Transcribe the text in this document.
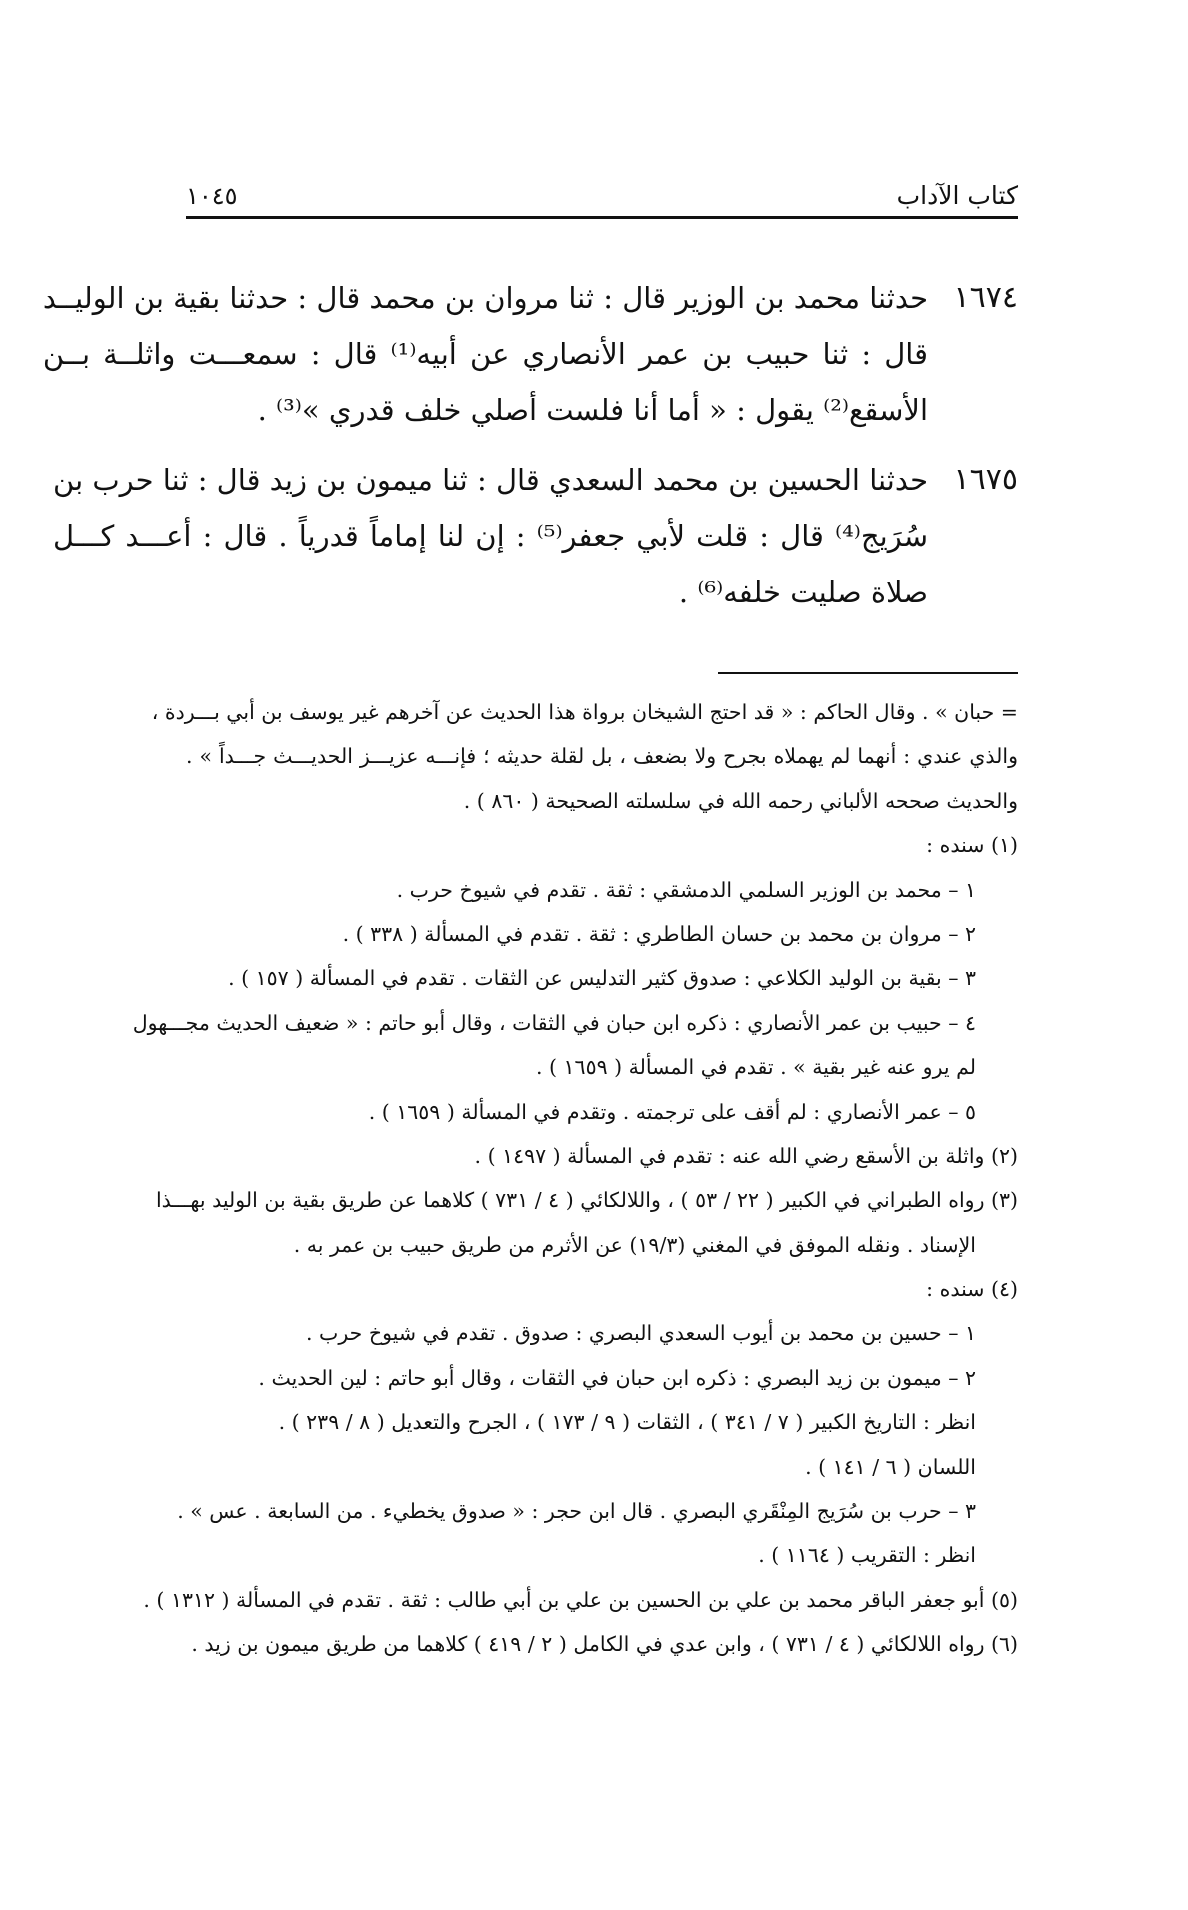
كتاب الآداب
١٠٤٥
١٦٧٤
حدثنا محمد بن الوزير قال : ثنا مروان بن محمد قال : حدثنا بقية بن الوليــد
قال : ثنا حبيب بن عمر الأنصاري عن أبيه⁽¹⁾ قال : سمعـــت واثلــة بــن
الأسقع⁽²⁾ يقول : « أما أنا فلست أصلي خلف قدري »⁽³⁾ .
١٦٧٥
حدثنا الحسين بن محمد السعدي قال : ثنا ميمون بن زيد قال : ثنا حرب بن
سُرَيج⁽⁴⁾ قال : قلت لأبي جعفر⁽⁵⁾ : إن لنا إماماً قدرياً . قال : أعـــد كـــل
صلاة صليت خلفه⁽⁶⁾ .
= حبان » . وقال الحاكم : « قد احتج الشيخان برواة هذا الحديث عن آخرهم غير يوسف بن أبي بـــردة ،
والذي عندي : أنهما لم يهملاه بجرح ولا بضعف ، بل لقلة حديثه ؛ فإنـــه عزيـــز الحديـــث جـــداً » .
والحديث صححه الألباني رحمه الله في سلسلته الصحيحة ( ٨٦٠ ) .
(١) سنده :
١ – محمد بن الوزير السلمي الدمشقي : ثقة . تقدم في شيوخ حرب .
٢ – مروان بن محمد بن حسان الطاطري : ثقة . تقدم في المسألة ( ٣٣٨ ) .
٣ – بقية بن الوليد الكلاعي : صدوق كثير التدليس عن الثقات . تقدم في المسألة ( ١٥٧ ) .
٤ – حبيب بن عمر الأنصاري : ذكره ابن حبان في الثقات ، وقال أبو حاتم : « ضعيف الحديث مجـــهول
لم يرو عنه غير بقية » . تقدم في المسألة ( ١٦٥٩ ) .
٥ – عمر الأنصاري : لم أقف على ترجمته . وتقدم في المسألة ( ١٦٥٩ ) .
(٢) واثلة بن الأسقع رضي الله عنه : تقدم في المسألة ( ١٤٩٧ ) .
(٣) رواه الطبراني في الكبير ( ٢٢ / ٥٣ ) ، واللالكائي ( ٤ / ٧٣١ ) كلاهما عن طريق بقية بن الوليد بهـــذا
الإسناد . ونقله الموفق في المغني (١٩/٣) عن الأثرم من طريق حبيب بن عمر به .
(٤) سنده :
١ – حسين بن محمد بن أيوب السعدي البصري : صدوق . تقدم في شيوخ حرب .
٢ – ميمون بن زيد البصري : ذكره ابن حبان في الثقات ، وقال أبو حاتم : لين الحديث .
انظر : التاريخ الكبير ( ٧ / ٣٤١ ) ، الثقات ( ٩ / ١٧٣ ) ، الجرح والتعديل ( ٨ / ٢٣٩ ) .
اللسان ( ٦ / ١٤١ ) .
٣ – حرب بن سُرَيج المِنْقَري البصري . قال ابن حجر : « صدوق يخطيء . من السابعة . عس » .
انظر : التقريب ( ١١٦٤ ) .
(٥) أبو جعفر الباقر محمد بن علي بن الحسين بن علي بن أبي طالب : ثقة . تقدم في المسألة ( ١٣١٢ ) .
(٦) رواه اللالكائي ( ٤ / ٧٣١ ) ، وابن عدي في الكامل ( ٢ / ٤١٩ ) كلاهما من طريق ميمون بن زيد .
